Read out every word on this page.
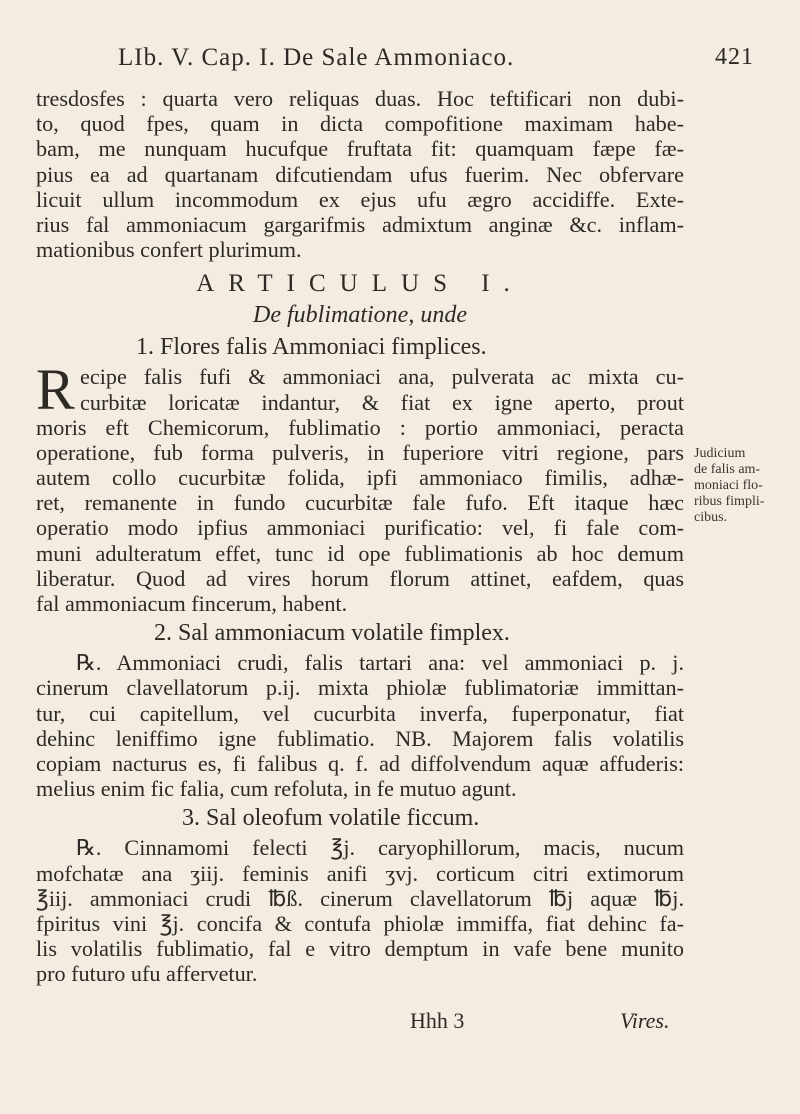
LIb. V. Cap. I. De Sale Ammoniaco.	421
tresdosfes : quarta vero reliquas duas. Hoc teftificari non dubi-
to, quod fpes, quam in dicta compofitione maximam habe-
bam, me nunquam hucufque fruftata fit: quamquam fæpe fæ-
pius ea ad quartanam difcutiendam ufus fuerim. Nec obfervare
licuit ullum incommodum ex ejus ufu ægro accidiffe. Exte-
rius fal ammoniacum gargarifmis admixtum anginæ &c. inflam-
mationibus confert plurimum.
ARTICULUS I.
De fublimatione, unde
1. Flores falis Ammoniaci fimplices.
R ecipe falis fufi & ammoniaci ana, pulverata ac mixta cu-
curbitæ loricatæ indantur, & fiat ex igne aperto, prout
moris eft Chemicorum, fublimatio : portio ammoniaci, peracta
operatione, fub forma pulveris, in fuperiore vitri regione, pars
autem collo cucurbitæ folida, ipfi ammoniaco fimilis, adhæ-
ret, remanente in fundo cucurbitæ fale fufo. Eft itaque hæc
operatio modo ipfius ammoniaci purificatio: vel, fi fale com-
muni adulteratum effet, tunc id ope fublimationis ab hoc demum
liberatur. Quod ad vires horum florum attinet, eafdem, quas
fal ammoniacum fincerum, habent.
2. Sal ammoniacum volatile fimplex.
℞. Ammoniaci crudi, falis tartari ana: vel ammoniaci p. j.
cinerum clavellatorum p.ij. mixta phiolæ fublimatoriæ immittan-
tur, cui capitellum, vel cucurbita inverfa, fuperponatur, fiat
dehinc leniffimo igne fublimatio. NB. Majorem falis volatilis
copiam nacturus es, fi falibus q. f. ad diffolvendum aquæ affuderis:
melius enim fic falia, cum refoluta, in fe mutuo agunt.
3. Sal oleofum volatile ficcum.
℞. Cinnamomi felecti ℥j. caryophillorum, macis, nucum
mofchatæ ana ʒiij. feminis anifi ʒvj. corticum citri extimorum
℥iij. ammoniaci crudi ℔ß. cinerum clavellatorum ℔j aquæ ℔j.
fpiritus vini ℥j. concifa & contufa phiolæ immiffa, fiat dehinc fa-
lis volatilis fublimatio, fal e vitro demptum in vafe bene munito
pro futuro ufu affervetur.
Judicium
de falis am-
moniaci flo-
ribus fimpli-
cibus.
Hhh 3	Vires.
